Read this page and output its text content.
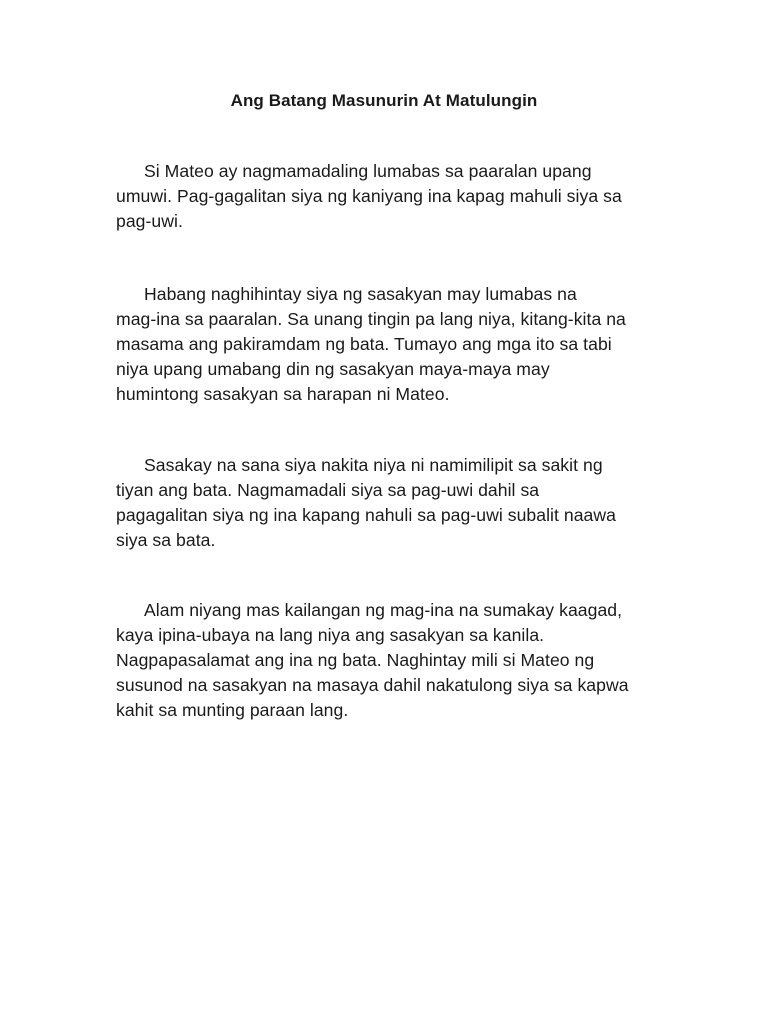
Ang Batang Masunurin At Matulungin

Si Mateo ay nagmamadaling lumabas sa paaralan upang
umuwi. Pag-gagalitan siya ng kaniyang ina kapag mahuli siya sa
pag-uwi.

Habang naghihintay siya ng sasakyan may lumabas na
mag-ina sa paaralan. Sa unang tingin pa lang niya, kitang-kita na
masama ang pakiramdam ng bata. Tumayo ang mga ito sa tabi
niya upang umabang din ng sasakyan maya-maya may
humintong sasakyan sa harapan ni Mateo.

Sasakay na sana siya nakita niya ni namimilipit sa sakit ng
tiyan ang bata. Nagmamadali siya sa pag-uwi dahil sa
pagagalitan siya ng ina kapang nahuli sa pag-uwi subalit naawa
siya sa bata.

Alam niyang mas kailangan ng mag-ina na sumakay kaagad,
kaya ipina-ubaya na lang niya ang sasakyan sa kanila.
Nagpapasalamat ang ina ng bata. Naghintay mili si Mateo ng
susunod na sasakyan na masaya dahil nakatulong siya sa kapwa
kahit sa munting paraan lang.
